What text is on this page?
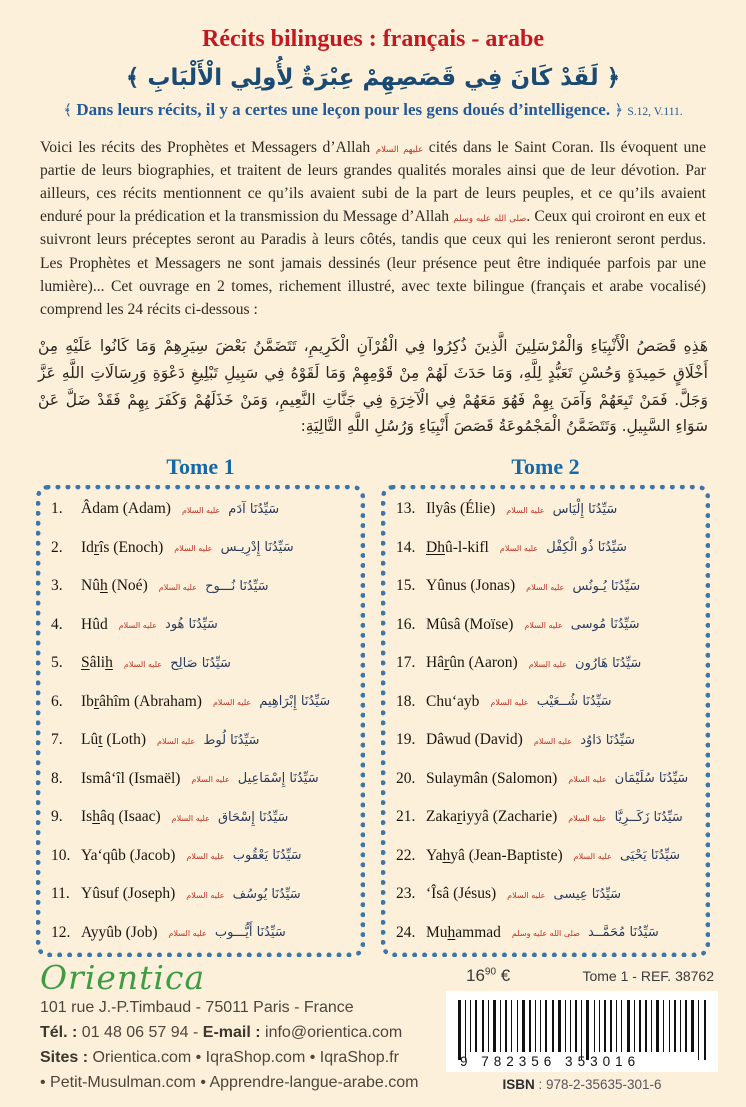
Récits bilingues : français - arabe
﴿ لَقَدْ كَانَ فِي قَصَصِهِمْ عِبْرَةٌ لِأُولِي الْأَلْبَابِ ﴾
﴾ Dans leurs récits, il y a certes une leçon pour les gens doués d’intelligence. ﴿ S.12, V.111.
Voici les récits des Prophètes et Messagers d’Allah عليهم السلام cités dans le Saint Coran. Ils évoquent une partie de leurs biographies, et traitent de leurs grandes qualités morales ainsi que de leur dévotion. Par ailleurs, ces récits mentionnent ce qu’ils avaient subi de la part de leurs peuples, et ce qu’ils avaient enduré pour la prédication et la transmission du Message d’Allah صلى الله عليه وسلم. Ceux qui croiront en eux et suivront leurs préceptes seront au Paradis à leurs côtés, tandis que ceux qui les renieront seront perdus. Les Prophètes et Messagers ne sont jamais dessinés (leur présence peut être indiquée parfois par une lumière)... Cet ouvrage en 2 tomes, richement illustré, avec texte bilingue (français et arabe vocalisé) comprend les 24 récits ci-dessous :
هَذِهِ قَصَصُ الْأَنْبِيَاءِ وَالْمُرْسَلِينَ الَّذِينَ ذُكِرُوا فِي الْقُرْآنِ الْكَرِيمِ، تَتَضَمَّنُ بَعْضَ سِيَرِهِمْ وَمَا كَانُوا عَلَيْهِ مِنْ أَخْلَاقٍ حَمِيدَةٍ وَحُسْنِ تَعَبُّدٍ لِلَّهِ، وَمَا حَدَثَ لَهُمْ مِنْ قَوْمِهِمْ وَمَا لَقَوْهُ فِي سَبِيلِ تَبْلِيغِ دَعْوَةِ وَرِسَالَاتِ اللَّهِ عَزَّ وَجَلَّ. فَمَنْ تَبِعَهُمْ وَآمَنَ بِهِمْ فَهُوَ مَعَهُمْ فِي الْآخِرَةِ فِي جَنَّاتِ النَّعِيمِ، وَمَنْ خَذَلَهُمْ وَكَفَرَ بِهِمْ فَقَدْ ضَلَّ عَنْ سَوَاءِ السَّبِيلِ. وَتَتَضَمَّنُ الْمَجْمُوعَةُ قَصَصَ أَنْبِيَاءِ وَرُسُلِ اللَّهِ التَّالِيَةِ:
Tome 1
1.	Âdam (Adam)	سَيِّدُنَا آدَم عليه السلام
2.	Idrîs (Enoch)	سَيِّدُنَا إِدْرِيـس عليه السلام
3.	Nûh (Noé)	سَيِّدُنَا نُـــوح عليه السلام
4.	Hûd	سَيِّدُنَا هُود عليه السلام
5.	Sâlih	سَيِّدُنَا صَالِح عليه السلام
6.	Ibrâhîm (Abraham)	سَيِّدُنَا إِبْرَاهِيم عليه السلام
7.	Lût (Loth)	سَيِّدُنَا لُوط عليه السلام
8.	Ismâ‘îl (Ismaël)	سَيِّدُنَا إِسْمَاعِيل عليه السلام
9.	Ishâq (Isaac)	سَيِّدُنَا إِسْحَاق عليه السلام
10. Ya‘qûb (Jacob)	سَيِّدُنَا يَعْقُوب عليه السلام
11. Yûsuf (Joseph)	سَيِّدُنَا يُوسُف عليه السلام
12. Ayyûb (Job)	سَيِّدُنَا أَيُّـــوب عليه السلام
Tome 2
13. Ilyâs (Élie)	سَيِّدُنَا إِلْيَاس عليه السلام
14. Dhû-l-kifl	سَيِّدُنَا ذُو الْكِفْل عليه السلام
15. Yûnus (Jonas)	سَيِّدُنَا يُـونُس عليه السلام
16. Mûsâ (Moïse)	سَيِّدُنَا مُوسى عليه السلام
17. Hârûn (Aaron)	سَيِّدُنَا هَارُون عليه السلام
18. Chu‘ayb	سَيِّدُنَا شُــعَيْب عليه السلام
19. Dâwud (David)	سَيِّدُنَا دَاوُد عليه السلام
20. Sulaymân (Salomon)	سَيِّدُنَا سُلَيْمَان عليه السلام
21. Zakariyyâ (Zacharie)	سَيِّدُنَا زَكَــرِيَّا عليه السلام
22. Yahyâ (Jean-Baptiste)	سَيِّدُنَا يَحْيَى عليه السلام
23. ‘Îsâ (Jésus)	سَيِّدُنَا عِيسى عليه السلام
24. Muhammad	سَيِّدُنَا مُحَمَّــد صلى الله عليه وسلم
Orientica
101 rue J.-P.Timbaud - 75011 Paris - France
Tél. : 01 48 06 57 94 - E-mail : info@orientica.com
Sites : Orientica.com • IqraShop.com • IqraShop.fr
• Petit-Musulman.com • Apprendre-langue-arabe.com
$16^{90}$ €	Tome 1 - REF. 38762
9 782356 353016
ISBN : 978-2-35635-301-6
